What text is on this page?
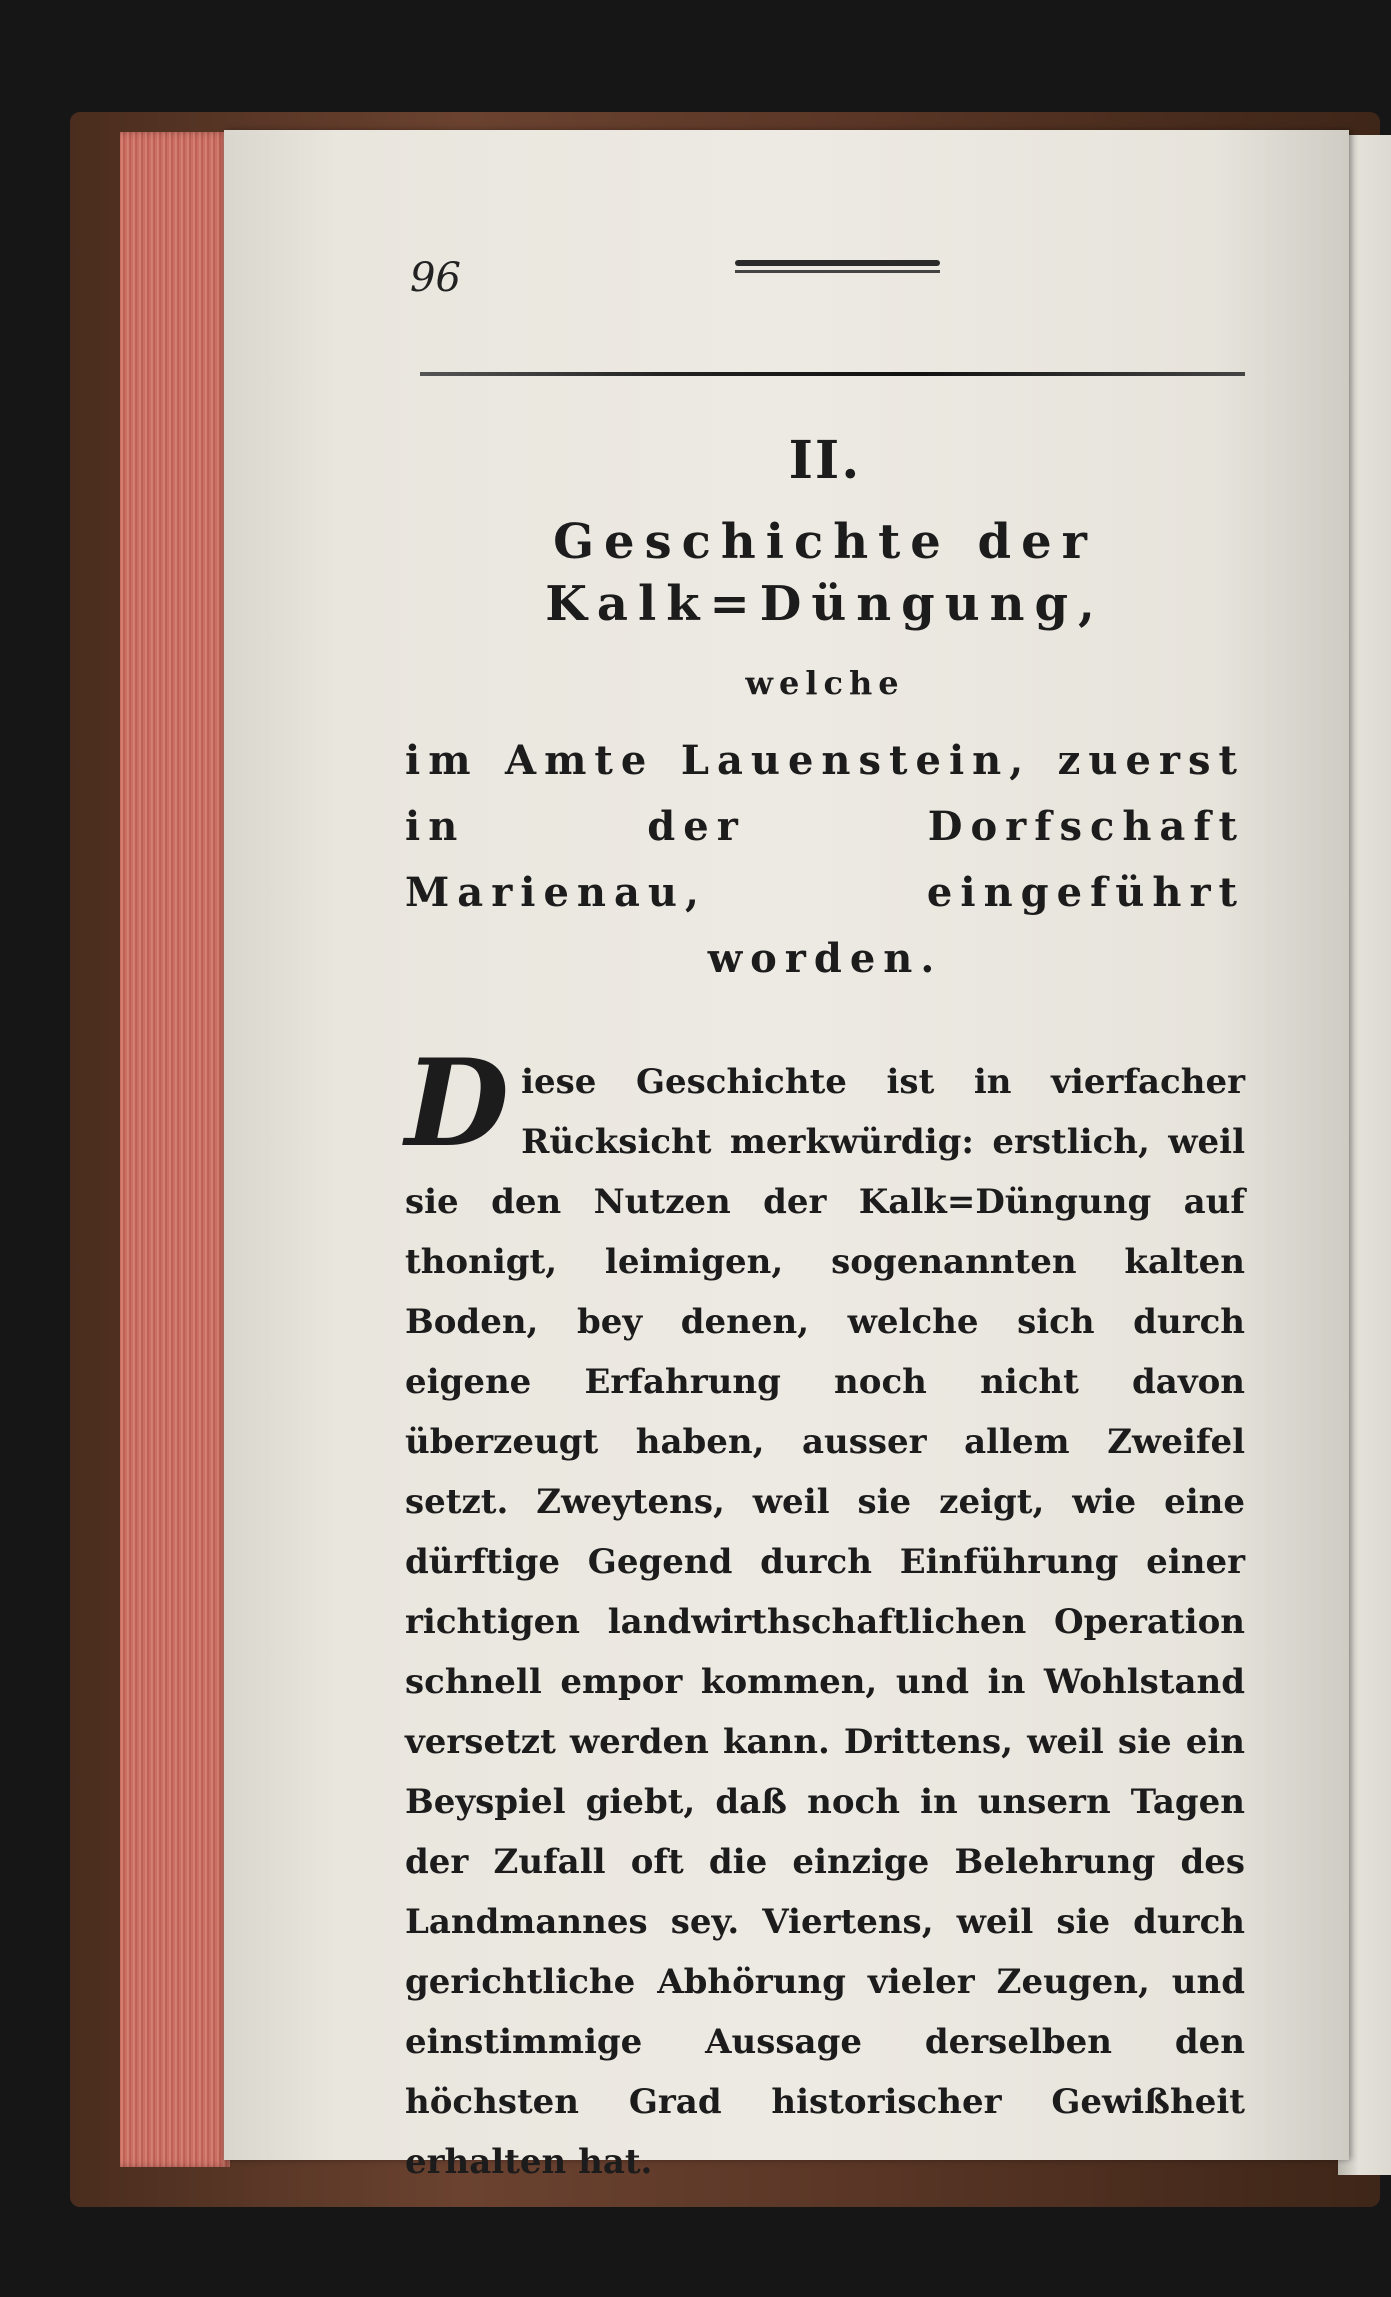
96

II.

Geschichte der Kalk=Düngung,

welche

im Amte Lauenstein, zuerst in der Dorfschaft Marienau, eingeführt worden.

Diese Geschichte ist in vierfacher Rücksicht merkwürdig: erstlich, weil sie den Nutzen der Kalk=Düngung auf thonigt, leimigen, sogenannten kalten Boden, bey denen, welche sich durch eigene Erfahrung noch nicht davon überzeugt haben, ausser allem Zweifel setzt. Zweytens, weil sie zeigt, wie eine dürftige Gegend durch Einführung einer richtigen landwirthschaftlichen Operation schnell empor kommen, und in Wohlstand versetzt werden kann. Drittens, weil sie ein Beyspiel giebt, daß noch in unsern Tagen der Zufall oft die einzige Belehrung des Landmannes sey. Viertens, weil sie durch gerichtliche Abhörung vieler Zeugen, und einstimmige Aussage derselben den höchsten Grad historischer Gewißheit erhalten hat.
